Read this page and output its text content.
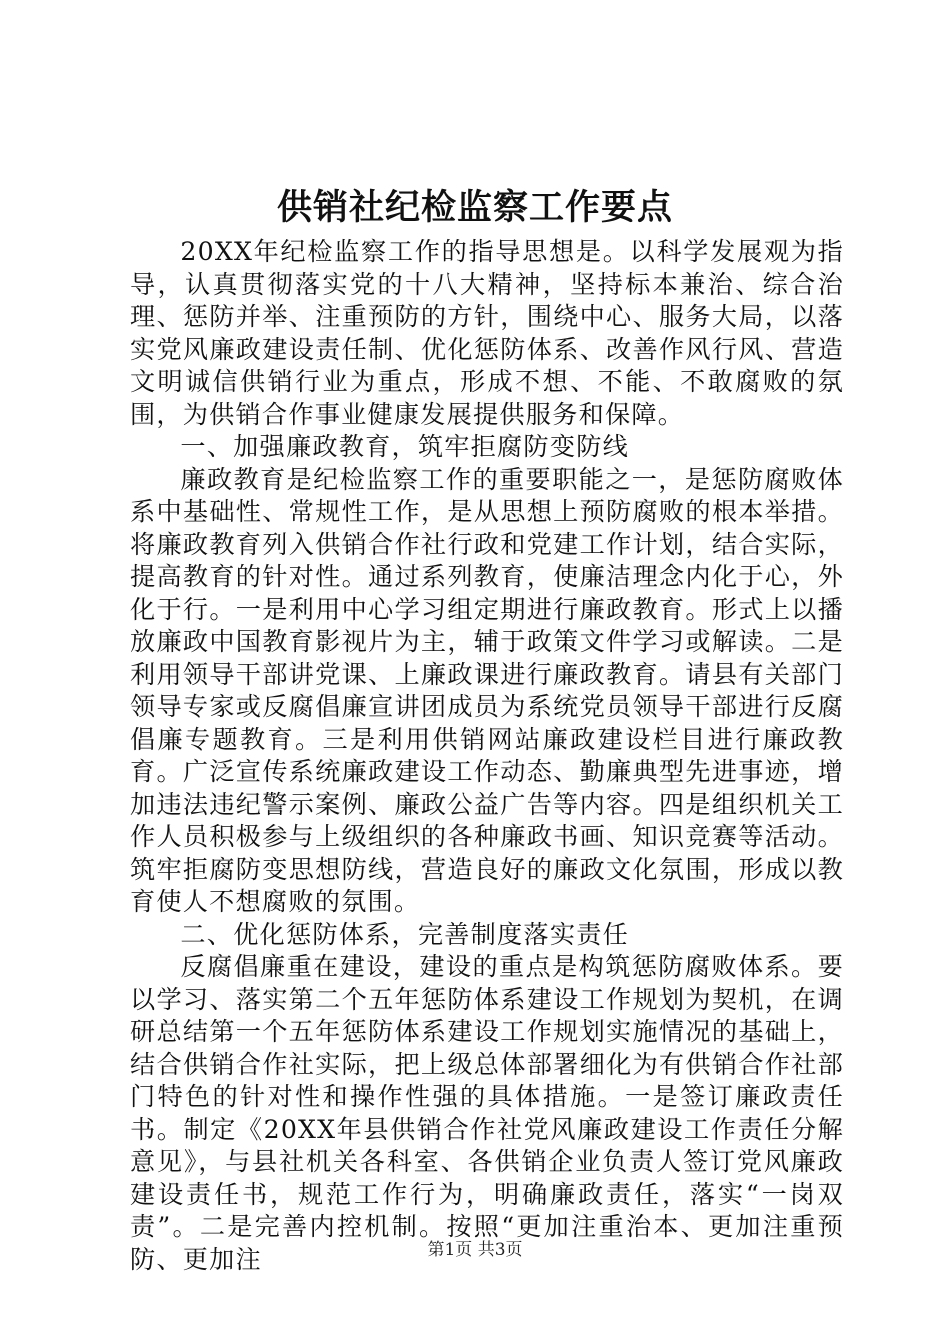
供销社纪检监察工作要点

20XX年纪检监察工作的指导思想是。以科学发展观为指导，认真贯彻落实党的十八大精神，坚持标本兼治、综合治理、惩防并举、注重预防的方针，围绕中心、服务大局，以落实党风廉政建设责任制、优化惩防体系、改善作风行风、营造文明诚信供销行业为重点，形成不想、不能、不敢腐败的氛围，为供销合作事业健康发展提供服务和保障。

一、加强廉政教育，筑牢拒腐防变防线

廉政教育是纪检监察工作的重要职能之一，是惩防腐败体系中基础性、常规性工作，是从思想上预防腐败的根本举措。将廉政教育列入供销合作社行政和党建工作计划，结合实际，提高教育的针对性。通过系列教育，使廉洁理念内化于心，外化于行。一是利用中心学习组定期进行廉政教育。形式上以播放廉政中国教育影视片为主，辅于政策文件学习或解读。二是利用领导干部讲党课、上廉政课进行廉政教育。请县有关部门领导专家或反腐倡廉宣讲团成员为系统党员领导干部进行反腐倡廉专题教育。三是利用供销网站廉政建设栏目进行廉政教育。广泛宣传系统廉政建设工作动态、勤廉典型先进事迹，增加违法违纪警示案例、廉政公益广告等内容。四是组织机关工作人员积极参与上级组织的各种廉政书画、知识竞赛等活动。筑牢拒腐防变思想防线，营造良好的廉政文化氛围，形成以教育使人不想腐败的氛围。

二、优化惩防体系，完善制度落实责任

反腐倡廉重在建设，建设的重点是构筑惩防腐败体系。要以学习、落实第二个五年惩防体系建设工作规划为契机，在调研总结第一个五年惩防体系建设工作规划实施情况的基础上，结合供销合作社实际，把上级总体部署细化为有供销合作社部门特色的针对性和操作性强的具体措施。一是签订廉政责任书。制定《20XX年县供销合作社党风廉政建设工作责任分解意见》，与县社机关各科室、各供销企业负责人签订党风廉政建设责任书，规范工作行为，明确廉政责任，落实“一岗双责”。二是完善内控机制。按照“更加注重治本、更加注重预防、更加注	第1页 共3页
